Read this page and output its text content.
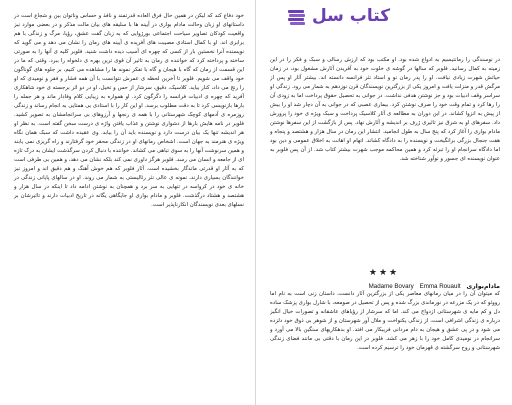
خود دفاع کند که لیکن در همین حال فرق العاده قدرتمند و نافذ و حساس وناتوان بین و شجاع است در داستانهای او زبان وحالت مادام بواری در آیینه ها با سلیقه های بیان مالت مذکر و در بعضی موارد نیز واقعیت کودکان تصاویر سیاحت اجتماعی بورژوایی که به زبان گفت عشق، رؤیا، مرگ و زندگی با هم برابری اند. او با کمال استادی مصیبت های آفریده ی آیینه های رمان را نشان می دهد و می گوید که نویسنده آنرا نخستین بار از کسی که چهره ای آسیب دیده داشت شنید. فلوبر کلیه ی آنها را به صورتی ساخته و پرداخته کرد که خواننده ی رمان به تاثیر آن قوی ترین بهره ی دلخواه را ببرد. وقتی که ما در این قسمت از رمان که گاه با هیجان و گاه با تفکر نمونه ها را مشاهده می کنیم، بر جلوه های گوناگون خود واقف می شویم. فلوبر تا آخرین لحظه ی عمرش نتوانست با آن همه فشار و فقر و نومیدی که او را رنج می داد، کنار بیاید. کلاسیک، دقیق، سرشار از حس و تخیل، او در دو اثر برجسته ی خود شاهکاری آفرید که چهره ی ادبیات فرانسه را دگرگون کرد. او همواره به زیبایی کلام وفادار ماند و هر جمله را بارها بازنویسی کرد تا به دقت مطلوب برسد. او این کار را با استادی بی همتایی به انجام رساند و زندگی روزمره ی آدمهای کوچک شهرستانی را با همه ی رنجها و آرزوهای بی سرانجامشان به تصویر کشید. فلوبر در نامه هایش بارها از دشواری نوشتن و عذاب یافتن واژه ی درست سخن گفته است. به نظر او هر اندیشه تنها یک بیان درست دارد و نویسنده باید آن را بیابد. وی عقیده داشت که سبک همان نگاه ویژه ی هنرمند به جهان است. اشخاص رمانهای او در زندگی محقر خود گرفتارند و راه گریزی نمی یابند و همین سرنوشت آنها را به سوی تباهی می کشاند. خواننده با دنبال کردن سرگذشت ایشان به درک تازه ای از جامعه و انسان می رسد. فلوبر هرگز داوری نمی کند بلکه نشان می دهد، و همین بی طرفی است که به آثار او قدرتی ماندگار بخشیده است. آثار فلوبر که هم خوش آهنگ و هم دقیق اند و امروز نیز خوانندگان بسیاری دارند، نمونه ی عالی نثر رئالیستی به شمار می روند. او در سالهای پایانی زندگی در خانه ی خود در کرواسه در تنهایی به سر برد و همچنان به نوشتن ادامه داد تا اینکه در سال هزار و هشتصد و هشتاد درگذشت. فلوبر و مادام بواری او جایگاهی یگانه در تاریخ ادبیات دارند و تاثیرشان بر نسلهای بعدی نویسندگان انکارناپذیر است.

در نوسندگی را رمانتیسیم به ادواع شده بود. او مکتب بود که ارزش رسالی و سبک و فکر را در این زمینه به کمال رسانید. فلوبر که سالها در گوشه ی خلوت خود به آفریدن آثارش مشغول بود، در زمان حیاتش شهرت زیادی نیافت. او را پدر رمان نو و استاد نثر فرانسه دانسته اند. بیشتر آثار او پس از مرگش قدر و منزلت یافت و امروز یکی از بزرگترین نویسندگان قرن نوزدهم به شمار می رود. زندگی او سراسر وقف ادبیات بود و جز نوشتن هدفی نداشت. در جوانی به تحصیل حقوق پرداخت اما به زودی آن را رها کرد و تمام وقت خود را صرف نوشتن کرد. بیماری عصبی که در جوانی به آن دچار شد او را بیش از پیش به انزوا کشاند. در این دوران به مطالعه ی آثار کلاسیک پرداخت و سبک ویژه ی خود را پرورش داد. سفرهای او به شرق نیز تاثیری ژرف بر اندیشه و آثارش نهاد. پس از بازگشت از این سفرها نوشتن مادام بواری را آغاز کرد که پنج سال به طول انجامید. انتشار این رمان در سال هزار و هشتصد و پنجاه و هفت جنجال بزرگی برانگیخت و نویسنده را به دادگاه کشاند. اتهام او اهانت به اخلاق عمومی و دین بود اما دادگاه سرانجام او را تبرئه کرد و همین محاکمه موجب شهرت بیشتر کتاب شد. از آن پس فلوبر به عنوان نویسنده ای جسور و نوآور شناخته شد.

که میتوان آن را در میان رمانهای معاصر یکی از بزرگترین آثار دانست، داستان زنی است به نام اما رووئو که در یک مزرعه در نورماندی بزرگ شده و پس از تحصیل در صومعه، با شارل بواری پزشک ساده دل و کم مایه ی شهرستانی ازدواج می کند. اما که سرشار از رؤیاهای عاشقانه و تصورات خیال انگیز درباره ی زندگی اشرافی است، از زندگی یکنواخت و ملال آور شهرستان و از شوهر بی ذوق خود دلزده می شود و در پی عشق و هیجان به دام مردانی فریبکار می افتد. او بدهکاریهای سنگین بالا می آورد و سرانجام در نومیدی کامل خود را با زهر می کشد. فلوبر در این رمان با دقتی بی مانند فضای زندگی شهرستانی و روح سرگشته ی قهرمان خود را ترسیم کرده است.

کتاب سل
★★★
مادام‌بواری   Madame Bovary Emma Rouault
